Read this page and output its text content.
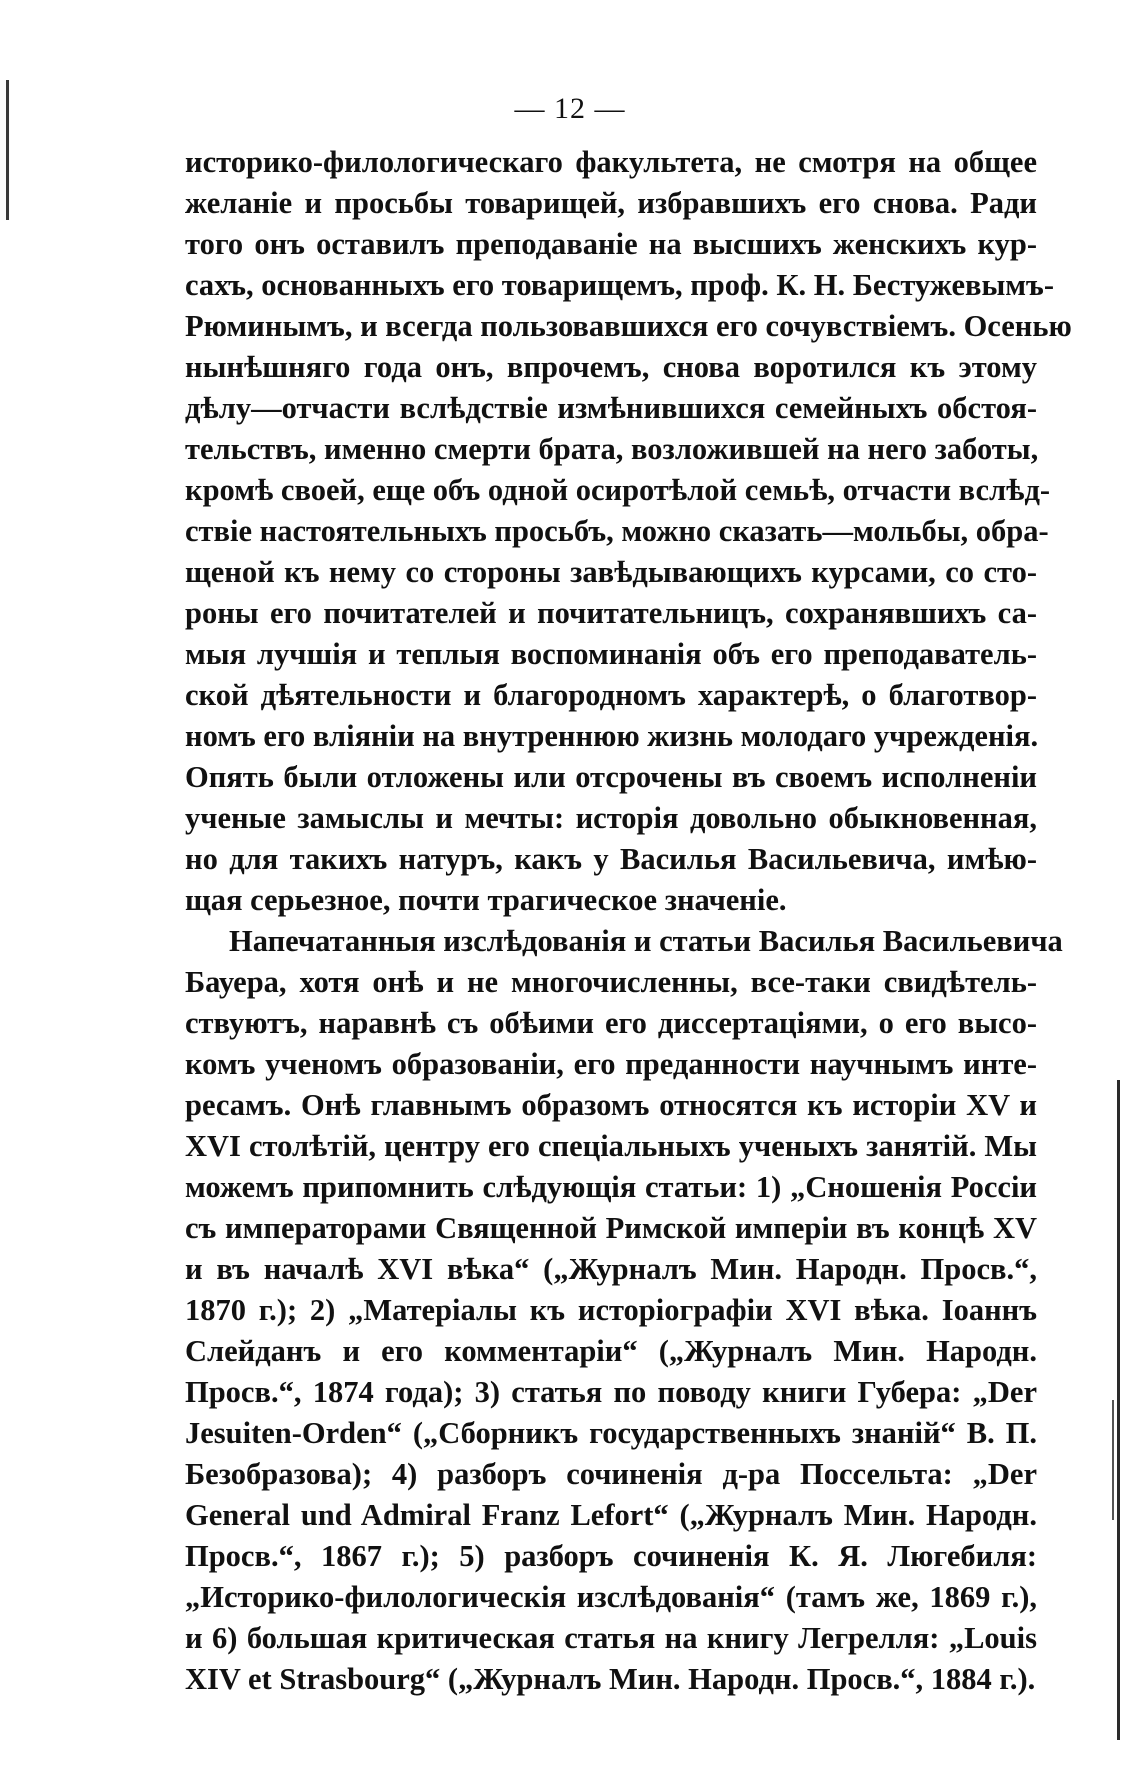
— 12 —
историко-филологическаго факультета, не смотря на общее
желаніе и просьбы товарищей, избравшихъ его снова. Ради
того онъ оставилъ преподаваніе на высшихъ женскихъ кур-
сахъ, основанныхъ его товарищемъ, проф. К. Н. Бестужевымъ-
Рюминымъ, и всегда пользовавшихся его сочувствіемъ. Осенью
нынѣшняго года онъ, впрочемъ, снова воротился къ этому
дѣлу—отчасти вслѣдствіе измѣнившихся семейныхъ обстоя-
тельствъ, именно смерти брата, возложившей на него заботы,
кромѣ своей, еще объ одной осиротѣлой семьѣ, отчасти вслѣд-
ствіе настоятельныхъ просьбъ, можно сказать—мольбы, обра-
щеной къ нему со стороны завѣдывающихъ курсами, со сто-
роны его почитателей и почитательницъ, сохранявшихъ са-
мыя лучшія и теплыя воспоминанія объ его преподаватель-
ской дѣятельности и благородномъ характерѣ, о благотвор-
номъ его вліяніи на внутреннюю жизнь молодаго учрежденія.
Опять были отложены или отсрочены въ своемъ исполненіи
ученые замыслы и мечты: исторія довольно обыкновенная,
но для такихъ натуръ, какъ у Василья Васильевича, имѣю-
щая серьезное, почти трагическое значеніе.
Напечатанныя изслѣдованія и статьи Василья Васильевича
Бауера, хотя онѣ и не многочисленны, все-таки свидѣтель-
ствуютъ, наравнѣ съ обѣими его диссертаціями, о его высо-
комъ ученомъ образованіи, его преданности научнымъ инте-
ресамъ. Онѣ главнымъ образомъ относятся къ исторіи XV и
XVI столѣтій, центру его спеціальныхъ ученыхъ занятій. Мы
можемъ припомнить слѣдующія статьи: 1) „Сношенія Россіи
съ императорами Священной Римской имперіи въ концѣ XV
и въ началѣ XVI вѣка“ („Журналъ Мин. Народн. Просв.“,
1870 г.); 2) „Матеріалы къ исторіографіи XVI вѣка. Іоаннъ
Слейданъ и его комментаріи“ („Журналъ Мин. Народн.
Просв.“, 1874 года); 3) статья по поводу книги Губера: „Der
Jesuiten-Orden“ („Сборникъ государственныхъ знаній“ В. П.
Безобразова); 4) разборъ сочиненія д-ра Поссельта: „Der
General und Admiral Franz Lefort“ („Журналъ Мин. Народн.
Просв.“, 1867 г.); 5) разборъ сочиненія К. Я. Люгебиля:
„Историко-филологическія изслѣдованія“ (тамъ же, 1869 г.),
и 6) большая критическая статья на книгу Легрелля: „Louis
XIV et Strasbourg“ („Журналъ Мин. Народн. Просв.“, 1884 г.).
